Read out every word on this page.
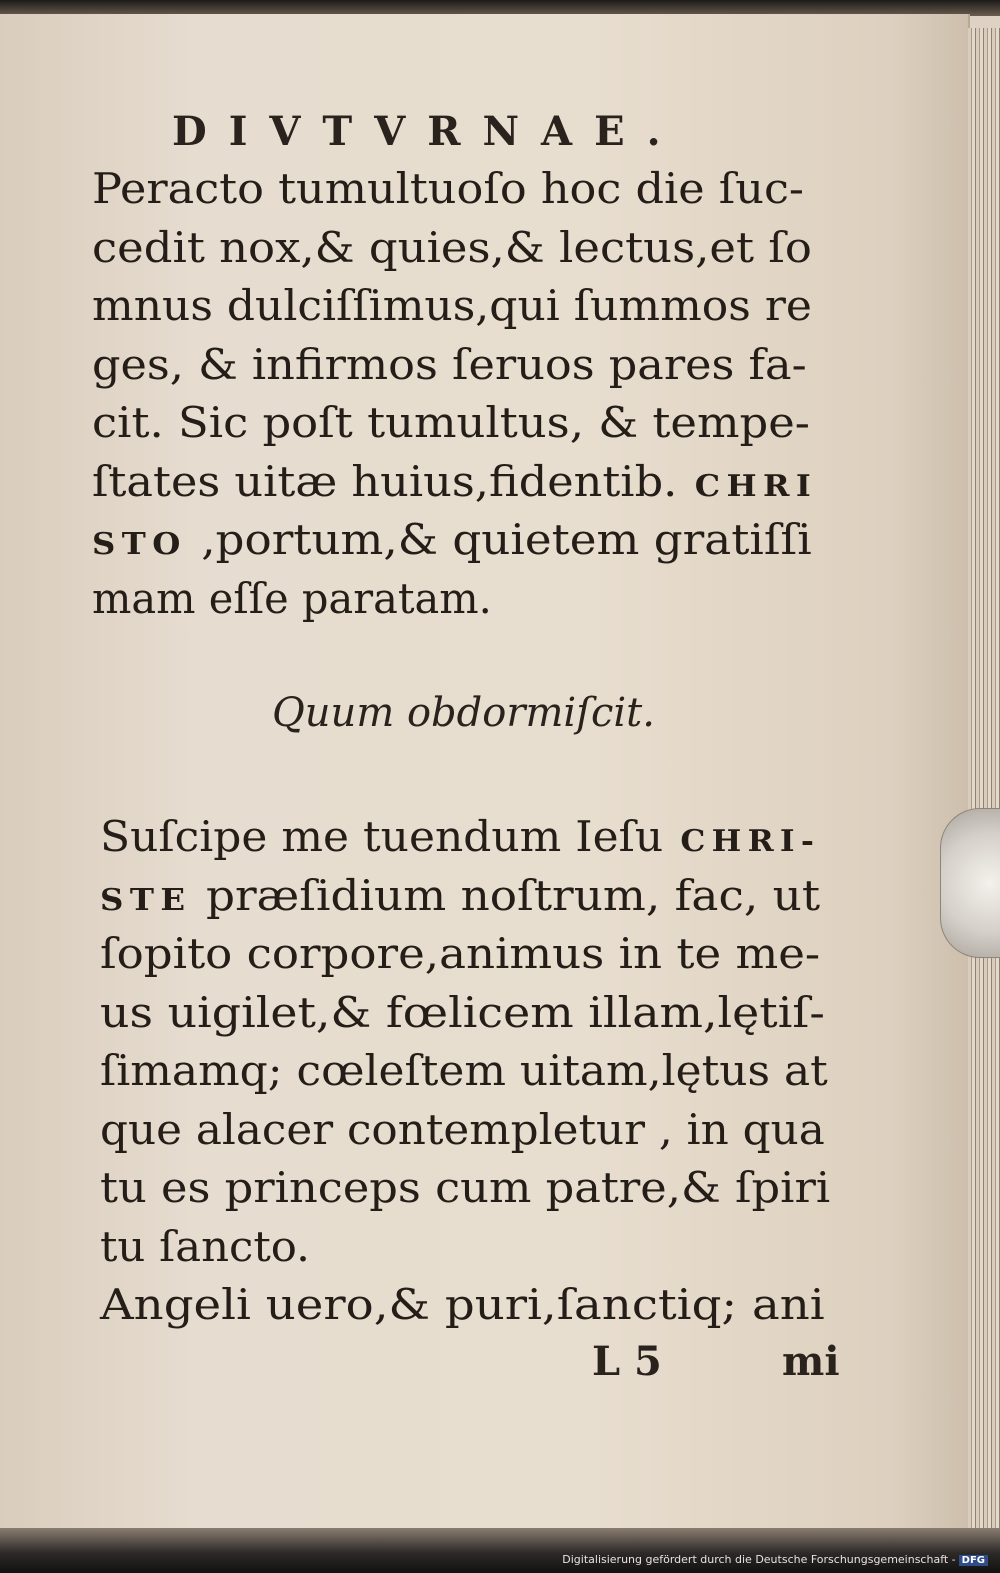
DIVTVRNAE.
Peracto tumultuoſo hoc die ſuc-
cedit nox,& quies,& lectus,et ſo
mnus dulciſſimus,qui ſummos re
ges, & infirmos ſeruos pares fa-
cit. Sic poſt tumultus, & tempe-
ſtates uitæ huius,fidentib. CHRI
STO ,portum,& quietem gratiſſi
mam eſſe paratam.
Quum obdormiſcit.
Suſcipe me tuendum Ieſu CHRI-
STE præſidium noſtrum, fac, ut
ſopito corpore,animus in te me-
us uigilet,& fœlicem illam,lętiſ-
ſimamq; cœleſtem uitam,lętus at
que alacer contempletur , in qua
tu es princeps cum patre,& ſpiri
tu ſancto.
Angeli uero,& puri,ſanctiq; ani
L 5	mi
Digitalisierung gefördert durch die Deutsche Forschungsgemeinschaft - DFG
